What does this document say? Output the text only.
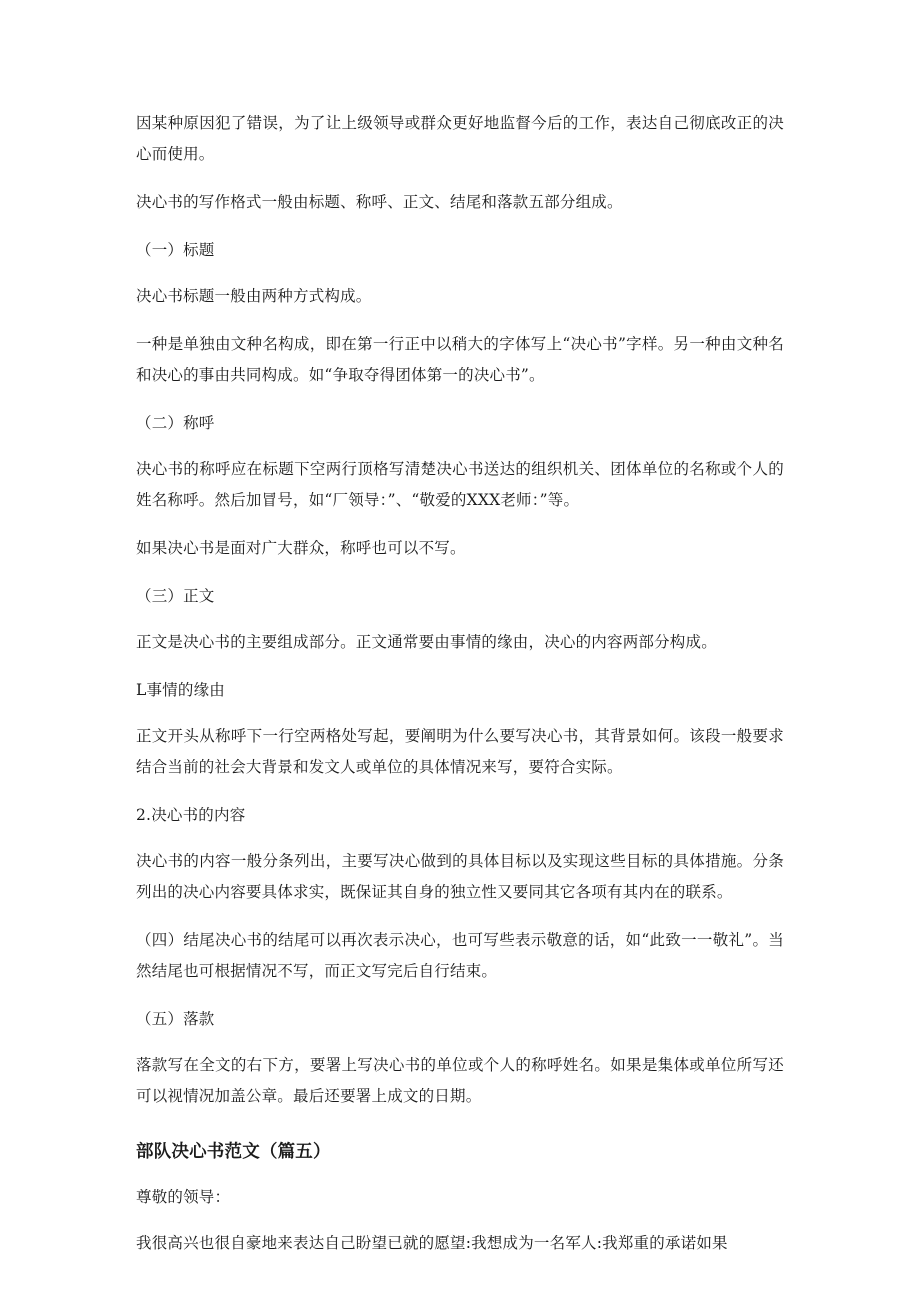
因某种原因犯了错误，为了让上级领导或群众更好地监督今后的工作，表达自己彻底改正的决心而使用。

决心书的写作格式一般由标题、称呼、正文、结尾和落款五部分组成。

（一）标题

决心书标题一般由两种方式构成。

一种是单独由文种名构成，即在第一行正中以稍大的字体写上“决心书”字样。另一种由文种名和决心的事由共同构成。如“争取夺得团体第一的决心书”。

（二）称呼

决心书的称呼应在标题下空两行顶格写清楚决心书送达的组织机关、团体单位的名称或个人的姓名称呼。然后加冒号，如“厂领导：”、“敬爱的XXX老师：”等。

如果决心书是面对广大群众，称呼也可以不写。

（三）正文

正文是决心书的主要组成部分。正文通常要由事情的缘由，决心的内容两部分构成。

L事情的缘由

正文开头从称呼下一行空两格处写起，要阐明为什么要写决心书，其背景如何。该段一般要求结合当前的社会大背景和发文人或单位的具体情况来写，要符合实际。

2.决心书的内容

决心书的内容一般分条列出，主要写决心做到的具体目标以及实现这些目标的具体措施。分条列出的决心内容要具体求实，既保证其自身的独立性又要同其它各项有其内在的联系。

（四）结尾决心书的结尾可以再次表示决心，也可写些表示敬意的话，如“此致一一敬礼”。当然结尾也可根据情况不写，而正文写完后自行结束。

（五）落款

落款写在全文的右下方，要署上写决心书的单位或个人的称呼姓名。如果是集体或单位所写还可以视情况加盖公章。最后还要署上成文的日期。

部队决心书范文（篇五）

尊敬的领导：

我很高兴也很自豪地来表达自己盼望已就的愿望:我想成为一名军人:我郑重的承诺如果
